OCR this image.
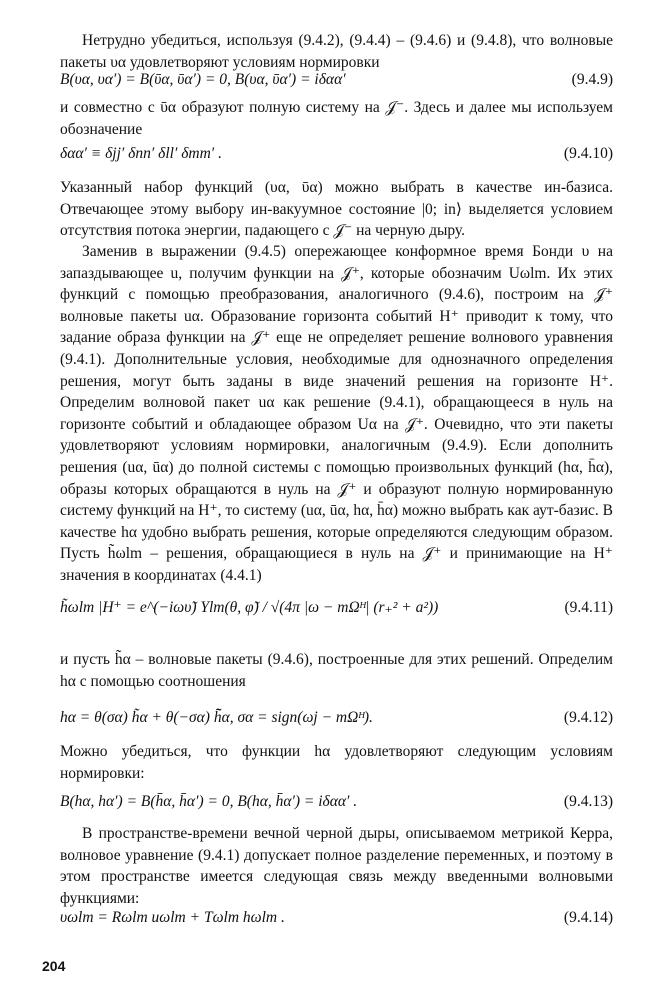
Нетрудно убедиться, используя (9.4.2), (9.4.4) – (9.4.6) и (9.4.8), что волновые пакеты υα удовлетворяют условиям нормировки

B(υα, υα′) = B(ῡα, ῡα′) = 0, B(υα, ῡα′) = iδαα′	(9.4.9)

и совместно с ῡα образуют полную систему на 𝒥⁻. Здесь и далее мы используем обозначение

δαα′ ≡ δjj′ δnn′ δll′ δmm′ .	(9.4.10)

Указанный набор функций (υα, ῡα) можно выбрать в качестве ин-базиса. Отвечающее этому выбору ин-вакуумное состояние |0; in⟩ выделяется условием отсутствия потока энергии, падающего с 𝒥⁻ на черную дыру.

Заменив в выражении (9.4.5) опережающее конформное время Бонди υ на запаздывающее u, получим функции на 𝒥⁺, которые обозначим Uωlm. Их этих функций с помощью преобразования, аналогичного (9.4.6), построим на 𝒥⁺ волновые пакеты uα. Образование горизонта событий H⁺ приводит к тому, что задание образа функции на 𝒥⁺ еще не определяет решение волнового уравнения (9.4.1). Дополнительные условия, необходимые для однозначного определения решения, могут быть заданы в виде значений решения на горизонте H⁺. Определим волновой пакет uα как решение (9.4.1), обращающееся в нуль на горизонте событий и обладающее образом Uα на 𝒥⁺. Очевидно, что эти пакеты удовлетворяют условиям нормировки, аналогичным (9.4.9). Если дополнить решения (uα, ūα) до полной системы с помощью произвольных функций (hα, h̄α), образы которых обращаются в нуль на 𝒥⁺ и образуют полную нормированную систему функций на H⁺, то систему (uα, ūα, hα, h̄α) можно выбрать как аут-базис. В качестве hα удобно выбрать решения, которые определяются следующим образом. Пусть h̃ωlm – решения, обращающиеся в нуль на 𝒥⁺ и принимающие на H⁺ значения в координатах (4.4.1)

h̃ωlm |H⁺ = e^(−iωυ̃) Ylm(θ, φ̃) / √(4π |ω − mΩᴴ| (r₊² + a²))	(9.4.11)

и пусть h̃α – волновые пакеты (9.4.6), построенные для этих решений. Определим hα с помощью соотношения

hα = θ(σα) h̃α + θ(−σα) h̃̄α, σα = sign(ωj − mΩᴴ).	(9.4.12)

Можно убедиться, что функции hα удовлетворяют следующим условиям нормировки:

B(hα, hα′) = B(h̄α, h̄α′) = 0, B(hα, h̄α′) = iδαα′ .	(9.4.13)

В пространстве-времени вечной черной дыры, описываемом метрикой Керра, волновое уравнение (9.4.1) допускает полное разделение переменных, и поэтому в этом пространстве имеется следующая связь между введенными волновыми функциями:

υωlm = Rωlm uωlm + Tωlm hωlm .	(9.4.14)
204
